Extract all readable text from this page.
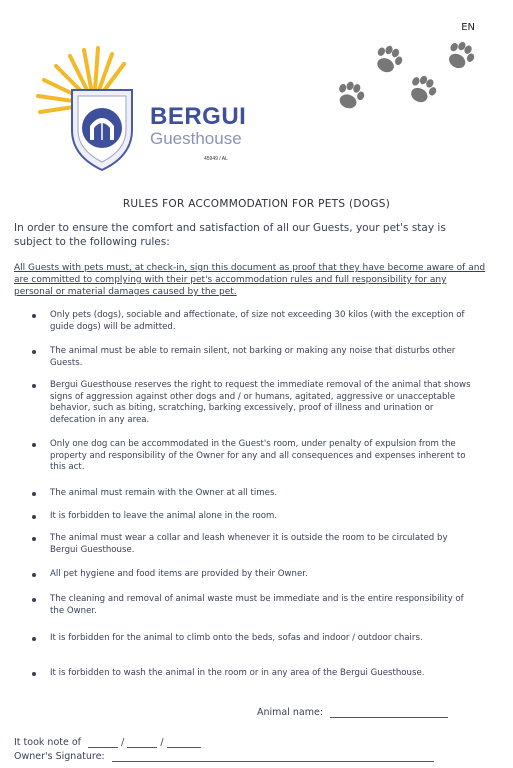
EN
BERGUI
Guesthouse
45949 / AL
RULES FOR ACCOMMODATION FOR PETS (DOGS)
In order to ensure the comfort and satisfaction of all our Guests, your pet's stay is subject to the following rules:
All Guests with pets must, at check-in, sign this document as proof that they have become aware of and are committed to complying with their pet's accommodation rules and full responsibility for any personal or material damages caused by the pet.
Only pets (dogs), sociable and affectionate, of size not exceeding 30 kilos (with the exception of guide dogs) will be admitted.
The animal must be able to remain silent, not barking or making any noise that disturbs other Guests.
Bergui Guesthouse reserves the right to request the immediate removal of the animal that shows signs of aggression against other dogs and / or humans, agitated, aggressive or unacceptable behavior, such as biting, scratching, barking excessively, proof of illness and urination or defecation in any area.
Only one dog can be accommodated in the Guest's room, under penalty of expulsion from the property and responsibility of the Owner for any and all consequences and expenses inherent to this act.
The animal must remain with the Owner at all times.
It is forbidden to leave the animal alone in the room.
The animal must wear a collar and leash whenever it is outside the room to be circulated by Bergui Guesthouse.
All pet hygiene and food items are provided by their Owner.
The cleaning and removal of animal waste must be immediate and is the entire responsibility of the Owner.
It is forbidden for the animal to climb onto the beds, sofas and indoor / outdoor chairs.
It is forbidden to wash the animal in the room or in any area of the Bergui Guesthouse.
Animal name:
It took note of	/	/
Owner's Signature:
